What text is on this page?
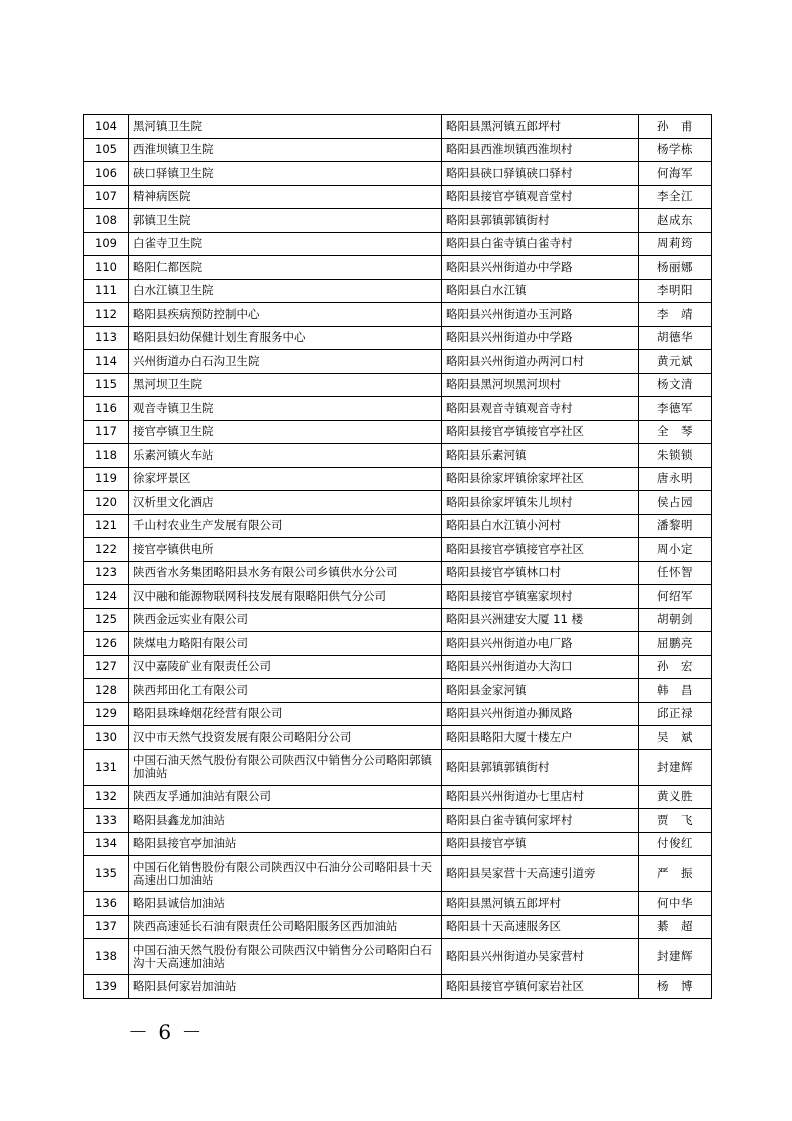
104	黑河镇卫生院	略阳县黑河镇五郎坪村	孙　甫
105	西淮坝镇卫生院	略阳县西淮坝镇西淮坝村	杨学栋
106	硖口驿镇卫生院	略阳县硖口驿镇硖口驿村	何海军
107	精神病医院	略阳县接官亭镇观音堂村	李全江
108	郭镇卫生院	略阳县郭镇郭镇街村	赵成东
109	白雀寺卫生院	略阳县白雀寺镇白雀寺村	周莉筠
110	略阳仁都医院	略阳县兴州街道办中学路	杨丽娜
111	白水江镇卫生院	略阳县白水江镇	李明阳
112	略阳县疾病预防控制中心	略阳县兴州街道办玉河路	李　靖
113	略阳县妇幼保健计划生育服务中心	略阳县兴州街道办中学路	胡德华
114	兴州街道办白石沟卫生院	略阳县兴州街道办两河口村	黄元斌
115	黑河坝卫生院	略阳县黑河坝黑河坝村	杨文清
116	观音寺镇卫生院	略阳县观音寺镇观音寺村	李德军
117	接官亭镇卫生院	略阳县接官亭镇接官亭社区	全　琴
118	乐素河镇火车站	略阳县乐素河镇	朱锁锁
119	徐家坪景区	略阳县徐家坪镇徐家坪社区	唐永明
120	汉析里文化酒店	略阳县徐家坪镇朱儿坝村	侯占园
121	千山村农业生产发展有限公司	略阳县白水江镇小河村	潘黎明
122	接官亭镇供电所	略阳县接官亭镇接官亭社区	周小定
123	陕西省水务集团略阳县水务有限公司乡镇供水分公司	略阳县接官亭镇林口村	任怀智
124	汉中融和能源物联网科技发展有限略阳供气分公司	略阳县接官亭镇塞家坝村	何绍军
125	陕西金远实业有限公司	略阳县兴洲建安大厦 11 楼	胡朝剑
126	陕煤电力略阳有限公司	略阳县兴州街道办电厂路	屈鹏亮
127	汉中嘉陵矿业有限责任公司	略阳县兴州街道办大沟口	孙　宏
128	陕西邦田化工有限公司	略阳县金家河镇	韩　昌
129	略阳县珠峰烟花经营有限公司	略阳县兴州街道办狮凤路	邱正禄
130	汉中市天然气投资发展有限公司略阳分公司	略阳县略阳大厦十楼左户	吴　斌
131	中国石油天然气股份有限公司陕西汉中销售分公司略阳郭镇加油站	略阳县郭镇郭镇街村	封建辉
132	陕西友孚通加油站有限公司	略阳县兴州街道办七里店村	黄义胜
133	略阳县鑫龙加油站	略阳县白雀寺镇何家坪村	贾　飞
134	略阳县接官亭加油站	略阳县接官亭镇	付俊红
135	中国石化销售股份有限公司陕西汉中石油分公司略阳县十天高速出口加油站	略阳县吴家营十天高速引道旁	严　振
136	略阳县诚信加油站	略阳县黑河镇五郎坪村	何中华
137	陕西高速延长石油有限责任公司略阳服务区西加油站	略阳县十天高速服务区	綦　超
138	中国石油天然气股份有限公司陕西汉中销售分公司略阳白石沟十天高速加油站	略阳县兴州街道办吴家营村	封建辉
139	略阳县何家岩加油站	略阳县接官亭镇何家岩社区	杨　博
－ 6 －
